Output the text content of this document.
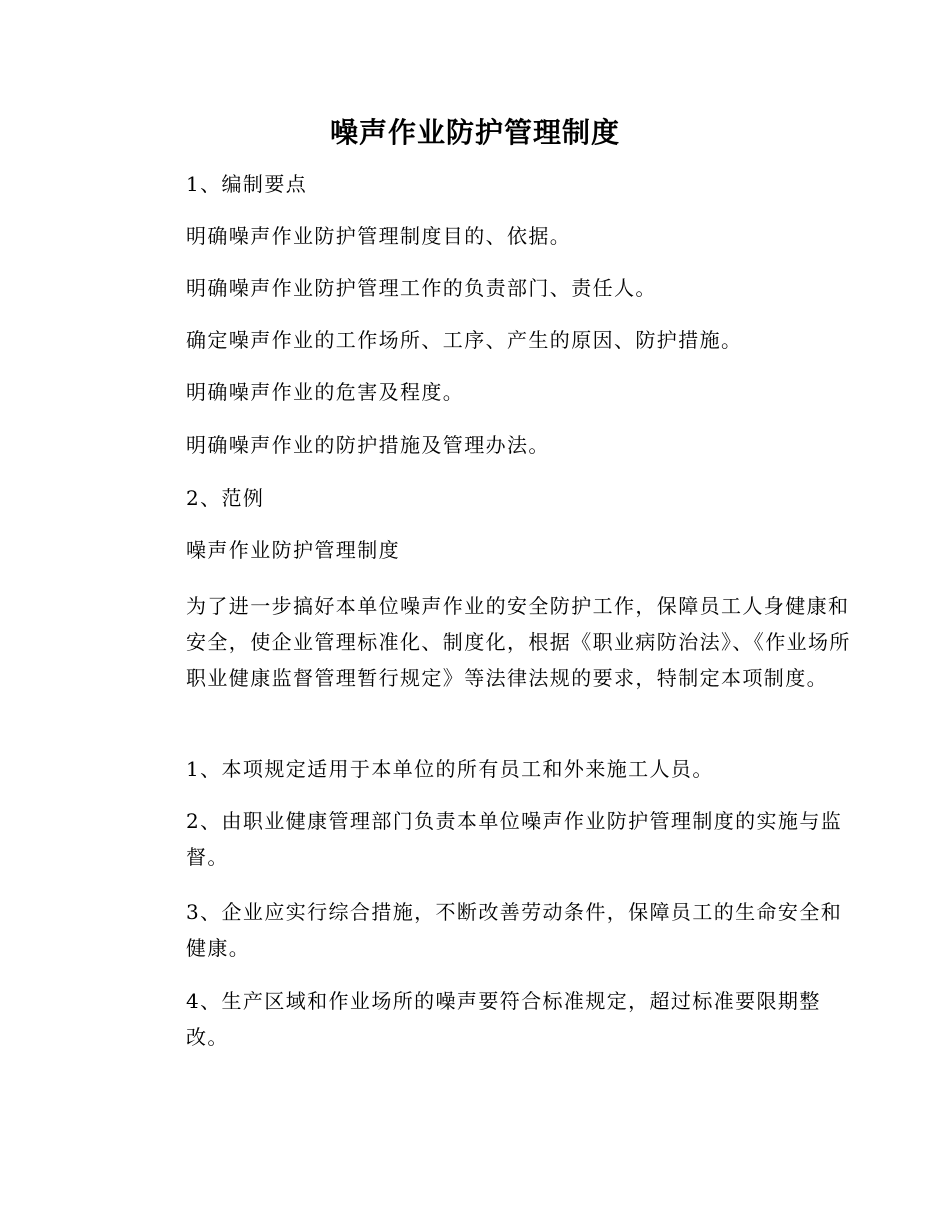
噪声作业防护管理制度
1、编制要点
明确噪声作业防护管理制度目的、依据。
明确噪声作业防护管理工作的负责部门、责任人。
确定噪声作业的工作场所、工序、产生的原因、防护措施。
明确噪声作业的危害及程度。
明确噪声作业的防护措施及管理办法。
2、范例
噪声作业防护管理制度
为了进一步搞好本单位噪声作业的安全防护工作，保障员工人身健康和安全，使企业管理标准化、制度化，根据《职业病防治法》、《作业场所职业健康监督管理暂行规定》等法律法规的要求，特制定本项制度。
1、本项规定适用于本单位的所有员工和外来施工人员。
2、由职业健康管理部门负责本单位噪声作业防护管理制度的实施与监督。
3、企业应实行综合措施，不断改善劳动条件，保障员工的生命安全和健康。
4、生产区域和作业场所的噪声要符合标准规定，超过标准要限期整改。
